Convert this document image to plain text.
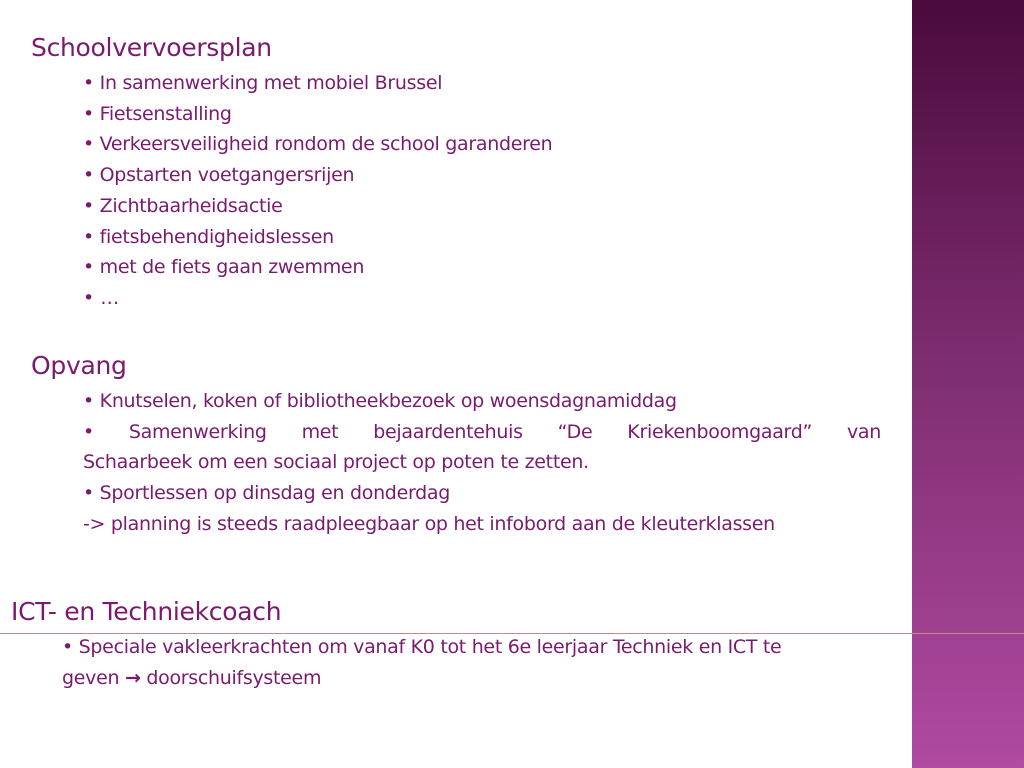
Schoolvervoersplan
• In samenwerking met mobiel Brussel
• Fietsenstalling
• Verkeersveiligheid rondom de school garanderen
• Opstarten voetgangersrijen
• Zichtbaarheidsactie
• fietsbehendigheidslessen
• met de fiets gaan zwemmen
• …
Opvang
• Knutselen, koken of bibliotheekbezoek op woensdagnamiddag
• Samenwerking met bejaardentehuis “De Kriekenboomgaard” van
Schaarbeek om een sociaal project op poten te zetten.
• Sportlessen op dinsdag en donderdag
-> planning is steeds raadpleegbaar op het infobord aan de kleuterklassen
ICT- en Techniekcoach
• Speciale vakleerkrachten om vanaf K0 tot het 6e leerjaar Techniek en ICT te
geven → doorschuifsysteem
